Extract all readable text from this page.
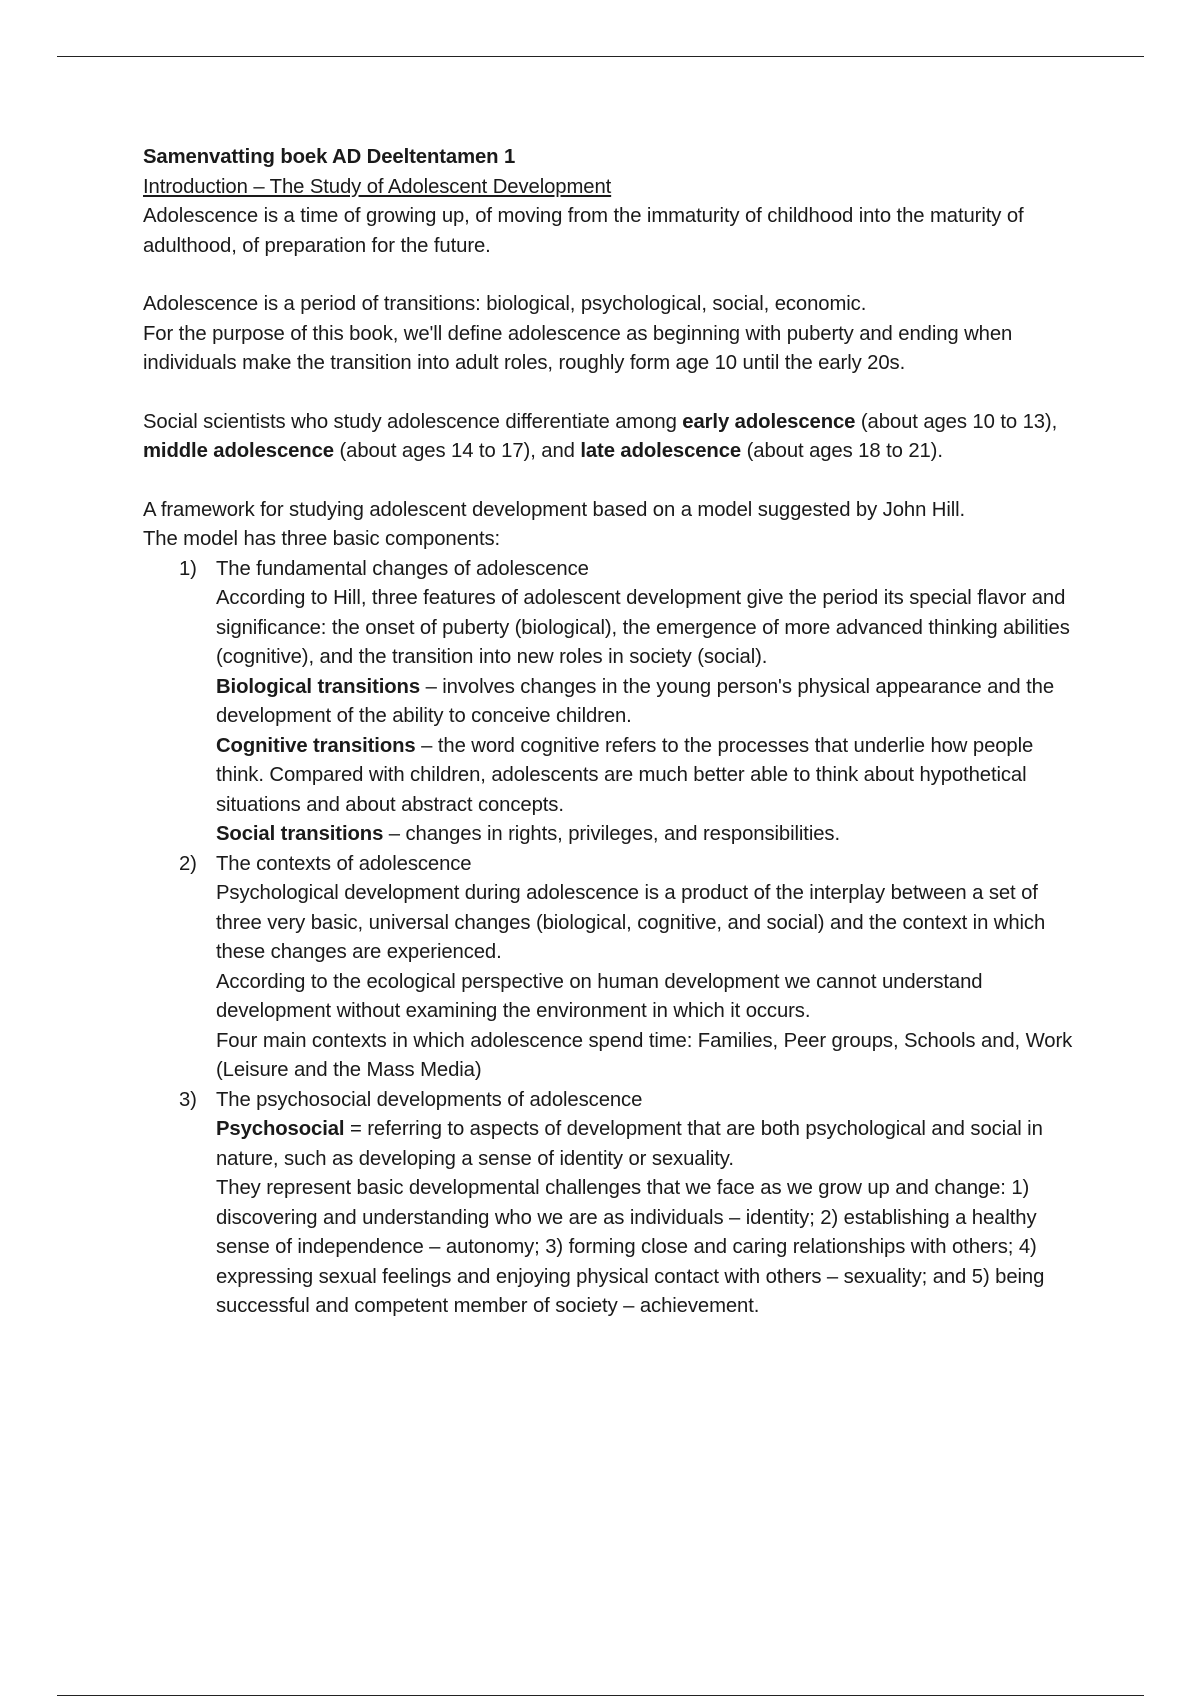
Samenvatting boek AD Deeltentamen 1

Introduction – The Study of Adolescent Development

Adolescence is a time of growing up, of moving from the immaturity of childhood into the maturity of adulthood, of preparation for the future.

Adolescence is a period of transitions: biological, psychological, social, economic.

For the purpose of this book, we'll define adolescence as beginning with puberty and ending when individuals make the transition into adult roles, roughly form age 10 until the early 20s.

Social scientists who study adolescence differentiate among early adolescence (about ages 10 to 13), middle adolescence (about ages 14 to 17), and late adolescence (about ages 18 to 21).

A framework for studying adolescent development based on a model suggested by John Hill.

The model has three basic components:

1) The fundamental changes of adolescence

According to Hill, three features of adolescent development give the period its special flavor and significance: the onset of puberty (biological), the emergence of more advanced thinking abilities (cognitive), and the transition into new roles in society (social).

Biological transitions – involves changes in the young person's physical appearance and the development of the ability to conceive children.

Cognitive transitions – the word cognitive refers to the processes that underlie how people think. Compared with children, adolescents are much better able to think about hypothetical situations and about abstract concepts.

Social transitions – changes in rights, privileges, and responsibilities.

2) The contexts of adolescence

Psychological development during adolescence is a product of the interplay between a set of three very basic, universal changes (biological, cognitive, and social) and the context in which these changes are experienced.

According to the ecological perspective on human development we cannot understand development without examining the environment in which it occurs.

Four main contexts in which adolescence spend time: Families, Peer groups, Schools and, Work (Leisure and the Mass Media)

3) The psychosocial developments of adolescence

Psychosocial = referring to aspects of development that are both psychological and social in nature, such as developing a sense of identity or sexuality.

They represent basic developmental challenges that we face as we grow up and change: 1) discovering and understanding who we are as individuals – identity; 2) establishing a healthy sense of independence – autonomy; 3) forming close and caring relationships with others; 4) expressing sexual feelings and enjoying physical contact with others – sexuality; and 5) being successful and competent member of society – achievement.
